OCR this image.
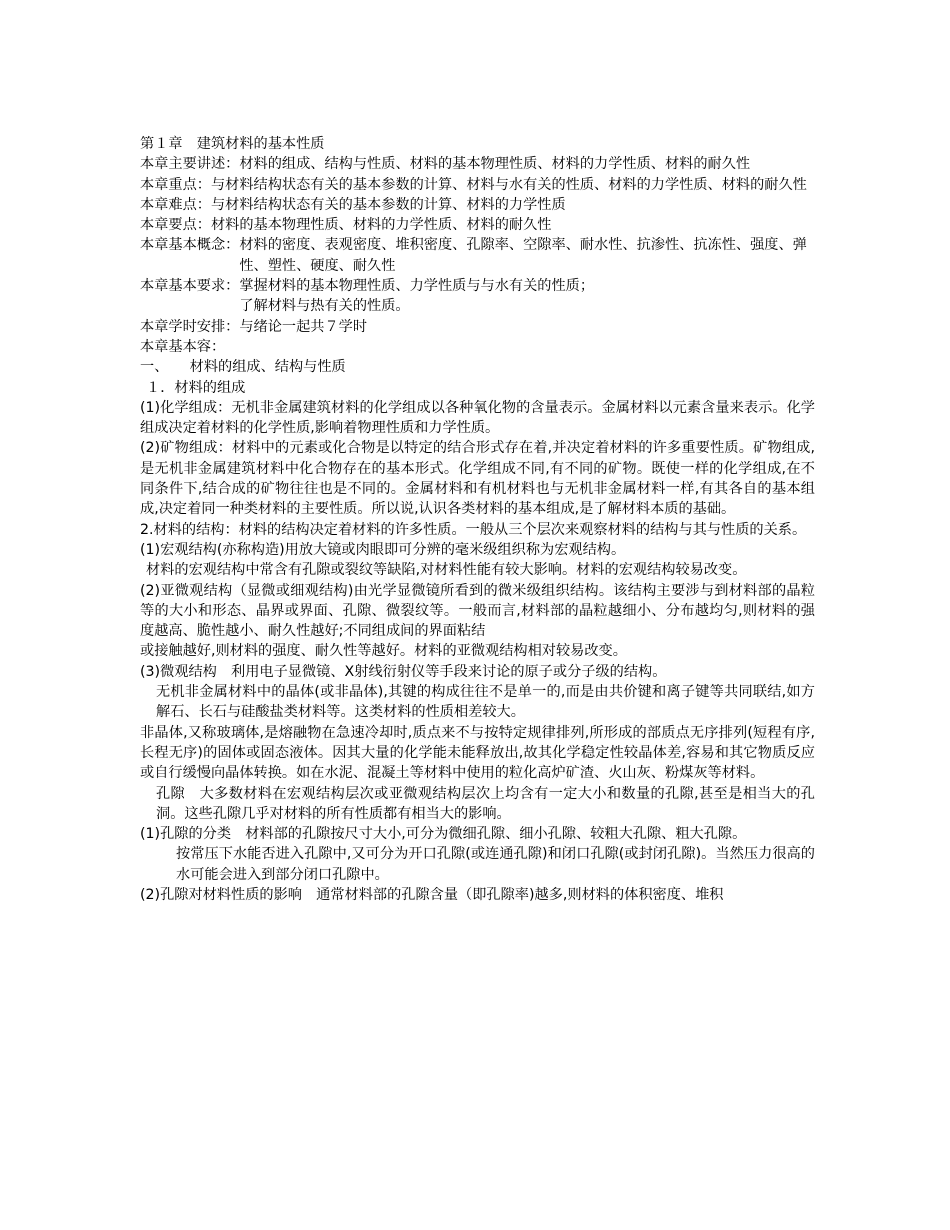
第１章　建筑材料的基本性质

本章主要讲述： 材料的组成、结构与性质、材料的基本物理性质、材料的力学性质、材料的耐久性
本章重点： 与材料结构状态有关的基本参数的计算、材料与水有关的性质、材料的力学性质、材料的耐久性
本章难点： 与材料结构状态有关的基本参数的计算、材料的力学性质
本章要点： 材料的基本物理性质、材料的力学性质、材料的耐久性
本章基本概念： 材料的密度、表观密度、堆积密度、孔隙率、空隙率、耐水性、抗渗性、抗冻性、强度、弹性、塑性、硬度、耐久性
本章基本要求： 掌握材料的基本物理性质、力学性质与与水有关的性质；
了解材料与热有关的性质。
本章学时安排： 与绪论一起共７学时

本章基本容：

一、　　材料的组成、结构与性质

１．材料的组成

(1)化学组成：无机非金属建筑材料的化学组成以各种氧化物的含量表示。金属材料以元素含量来表示。化学组成决定着材料的化学性质,影响着物理性质和力学性质。

(2)矿物组成：材料中的元素或化合物是以特定的结合形式存在着,并决定着材料的许多重要性质。矿物组成,是无机非金属建筑材料中化合物存在的基本形式。化学组成不同,有不同的矿物。既使一样的化学组成,在不同条件下,结合成的矿物往往也是不同的。金属材料和有机材料也与无机非金属材料一样,有其各自的基本组成,决定着同一种类材料的主要性质。所以说,认识各类材料的基本组成,是了解材料本质的基础。

2.材料的结构：材料的结构决定着材料的许多性质。一般从三个层次来观察材料的结构与其与性质的关系。

(1)宏观结构(亦称构造)用放大镜或肉眼即可分辨的毫米级组织称为宏观结构。

材料的宏观结构中常含有孔隙或裂纹等缺陷,对材料性能有较大影响。材料的宏观结构较易改变。

(2)亚微观结构（显微或细观结构)由光学显微镜所看到的微米级组织结构。该结构主要涉与到材料部的晶粒等的大小和形态、晶界或界面、孔隙、微裂纹等。一般而言,材料部的晶粒越细小、分布越均匀,则材料的强度越高、脆性越小、耐久性越好;不同组成间的界面粘结

或接触越好,则材料的强度、耐久性等越好。材料的亚微观结构相对较易改变。

(3)微观结构　利用电子显微镜、X射线衍射仪等手段来讨论的原子或分子级的结构。

无机非金属材料中的晶体(或非晶体),其键的构成往往不是单一的,而是由共价键和离子键等共同联结,如方解石、长石与硅酸盐类材料等。这类材料的性质相差较大。

非晶体,又称玻璃体,是熔融物在急速冷却时,质点来不与按特定规律排列,所形成的部质点无序排列(短程有序,长程无序)的固体或固态液体。因其大量的化学能未能释放出,故其化学稳定性较晶体差,容易和其它物质反应或自行缓慢向晶体转换。如在水泥、混凝土等材料中使用的粒化高炉矿渣、火山灰、粉煤灰等材料。

孔隙　大多数材料在宏观结构层次或亚微观结构层次上均含有一定大小和数量的孔隙,甚至是相当大的孔洞。这些孔隙几乎对材料的所有性质都有相当大的影响。

(1)孔隙的分类　材料部的孔隙按尺寸大小,可分为微细孔隙、细小孔隙、较粗大孔隙、粗大孔隙。

按常压下水能否进入孔隙中,又可分为开口孔隙(或连通孔隙)和闭口孔隙(或封闭孔隙)。当然压力很高的水可能会进入到部分闭口孔隙中。

(2)孔隙对材料性质的影响　通常材料部的孔隙含量（即孔隙率)越多,则材料的体积密度、堆积
